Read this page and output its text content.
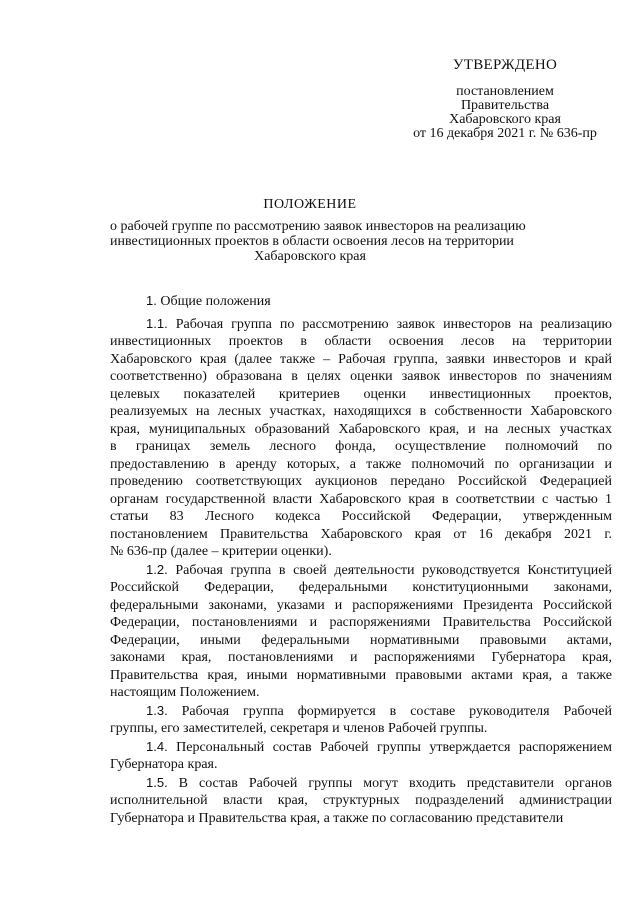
УТВЕРЖДЕНО
постановлением
Правительства
Хабаровского края
от 16 декабря 2021 г. № 636-пр
ПОЛОЖЕНИЕ
о рабочей группе по рассмотрению заявок инвесторов на реализацию
инвестиционных проектов в области освоения лесов на территории
Хабаровского края
1. Общие положения
1.1. Рабочая группа по рассмотрению заявок инвесторов на реализацию
инвестиционных проектов в области освоения лесов на территории
Хабаровского края (далее также – Рабочая группа, заявки инвесторов и край
соответственно) образована в целях оценки заявок инвесторов по значениям
целевых показателей критериев оценки инвестиционных проектов,
реализуемых на лесных участках, находящихся в собственности Хабаровского
края, муниципальных образований Хабаровского края, и на лесных участках
в границах земель лесного фонда, осуществление полномочий по
предоставлению в аренду которых, а также полномочий по организации и
проведению соответствующих аукционов передано Российской Федерацией
органам государственной власти Хабаровского края в соответствии с частью 1
статьи 83 Лесного кодекса Российской Федерации, утвержденным
постановлением Правительства Хабаровского края от 16 декабря 2021 г.
№ 636-пр (далее – критерии оценки).
1.2. Рабочая группа в своей деятельности руководствуется Конституцией
Российской Федерации, федеральными конституционными законами,
федеральными законами, указами и распоряжениями Президента Российской
Федерации, постановлениями и распоряжениями Правительства Российской
Федерации, иными федеральными нормативными правовыми актами,
законами края, постановлениями и распоряжениями Губернатора края,
Правительства края, иными нормативными правовыми актами края, а также
настоящим Положением.
1.3. Рабочая группа формируется в составе руководителя Рабочей
группы, его заместителей, секретаря и членов Рабочей группы.
1.4. Персональный состав Рабочей группы утверждается распоряжением
Губернатора края.
1.5. В состав Рабочей группы могут входить представители органов
исполнительной власти края, структурных подразделений администрации
Губернатора и Правительства края, а также по согласованию представители
